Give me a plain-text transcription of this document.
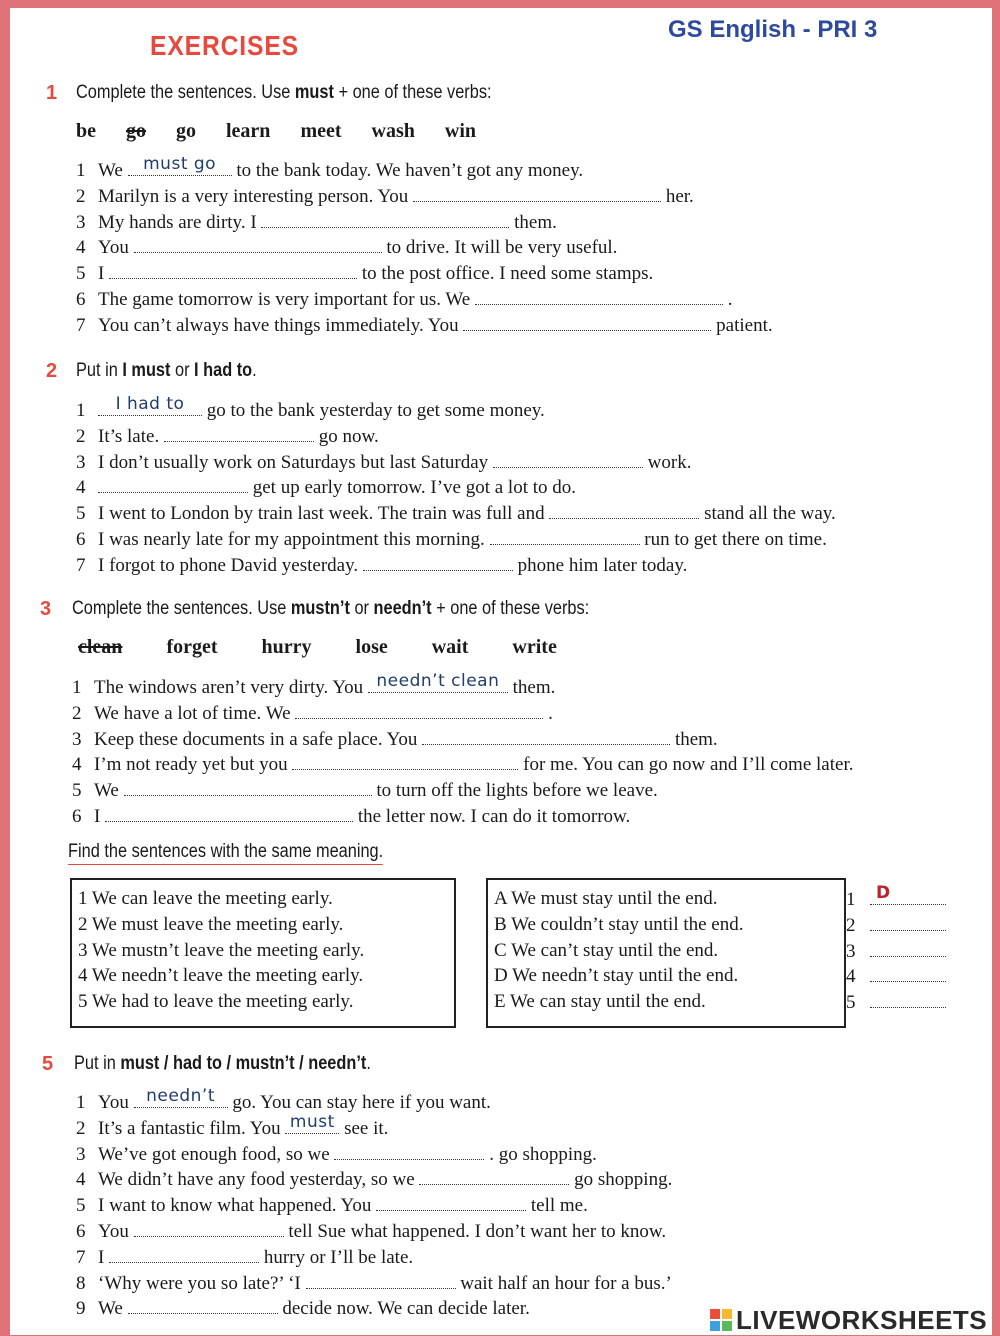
EXERCISES
GS English - PRI 3
1 Complete the sentences. Use must + one of these verbs:
be go go learn meet wash win
1 We must go to the bank today. We haven’t got any money.
2 Marilyn is a very interesting person. You	her.
3 My hands are dirty. I	them.
4 You	to drive. It will be very useful.
5 I	to the post office. I need some stamps.
6 The game tomorrow is very important for us. We	.
7 You can’t always have things immediately. You	patient.
2 Put in I must or I had to.
1	I had to go to the bank yesterday to get some money.
2 It’s late.	go now.
3 I don’t usually work on Saturdays but last Saturday	work.
4	get up early tomorrow. I’ve got a lot to do.
5 I went to London by train last week. The train was full and	stand all the way.
6 I was nearly late for my appointment this morning.	run to get there on time.
7 I forgot to phone David yesterday.	phone him later today.
3 Complete the sentences. Use mustn’t or needn’t + one of these verbs:
clean forget hurry lose wait write
1 The windows aren’t very dirty. You needn’t clean them.
2 We have a lot of time. We	.
3 Keep these documents in a safe place. You	them.
4 I’m not ready yet but you	for me. You can go now and I’ll come later.
5 We	to turn off the lights before we leave.
6 I	the letter now. I can do it tomorrow.
Find the sentences with the same meaning.
1 We can leave the meeting early.
2 We must leave the meeting early.
3 We mustn’t leave the meeting early.
4 We needn’t leave the meeting early.
5 We had to leave the meeting early.
A We must stay until the end.
B We couldn’t stay until the end.
C We can’t stay until the end.
D We needn’t stay until the end.
E We can stay until the end.
1 D
2
3
4
5
5 Put in must / had to / mustn’t / needn’t.
1 You needn’t go. You can stay here if you want.
2 It’s a fantastic film. You must see it.
3 We’ve got enough food, so we	. go shopping.
4 We didn’t have any food yesterday, so we	go shopping.
5 I want to know what happened. You	tell me.
6 You	tell Sue what happened. I don’t want her to know.
7 I	hurry or I’ll be late.
8 ‘Why were you so late?’ ‘I	wait half an hour for a bus.’
9 We	decide now. We can decide later.	LIVEWORKSHEETS
